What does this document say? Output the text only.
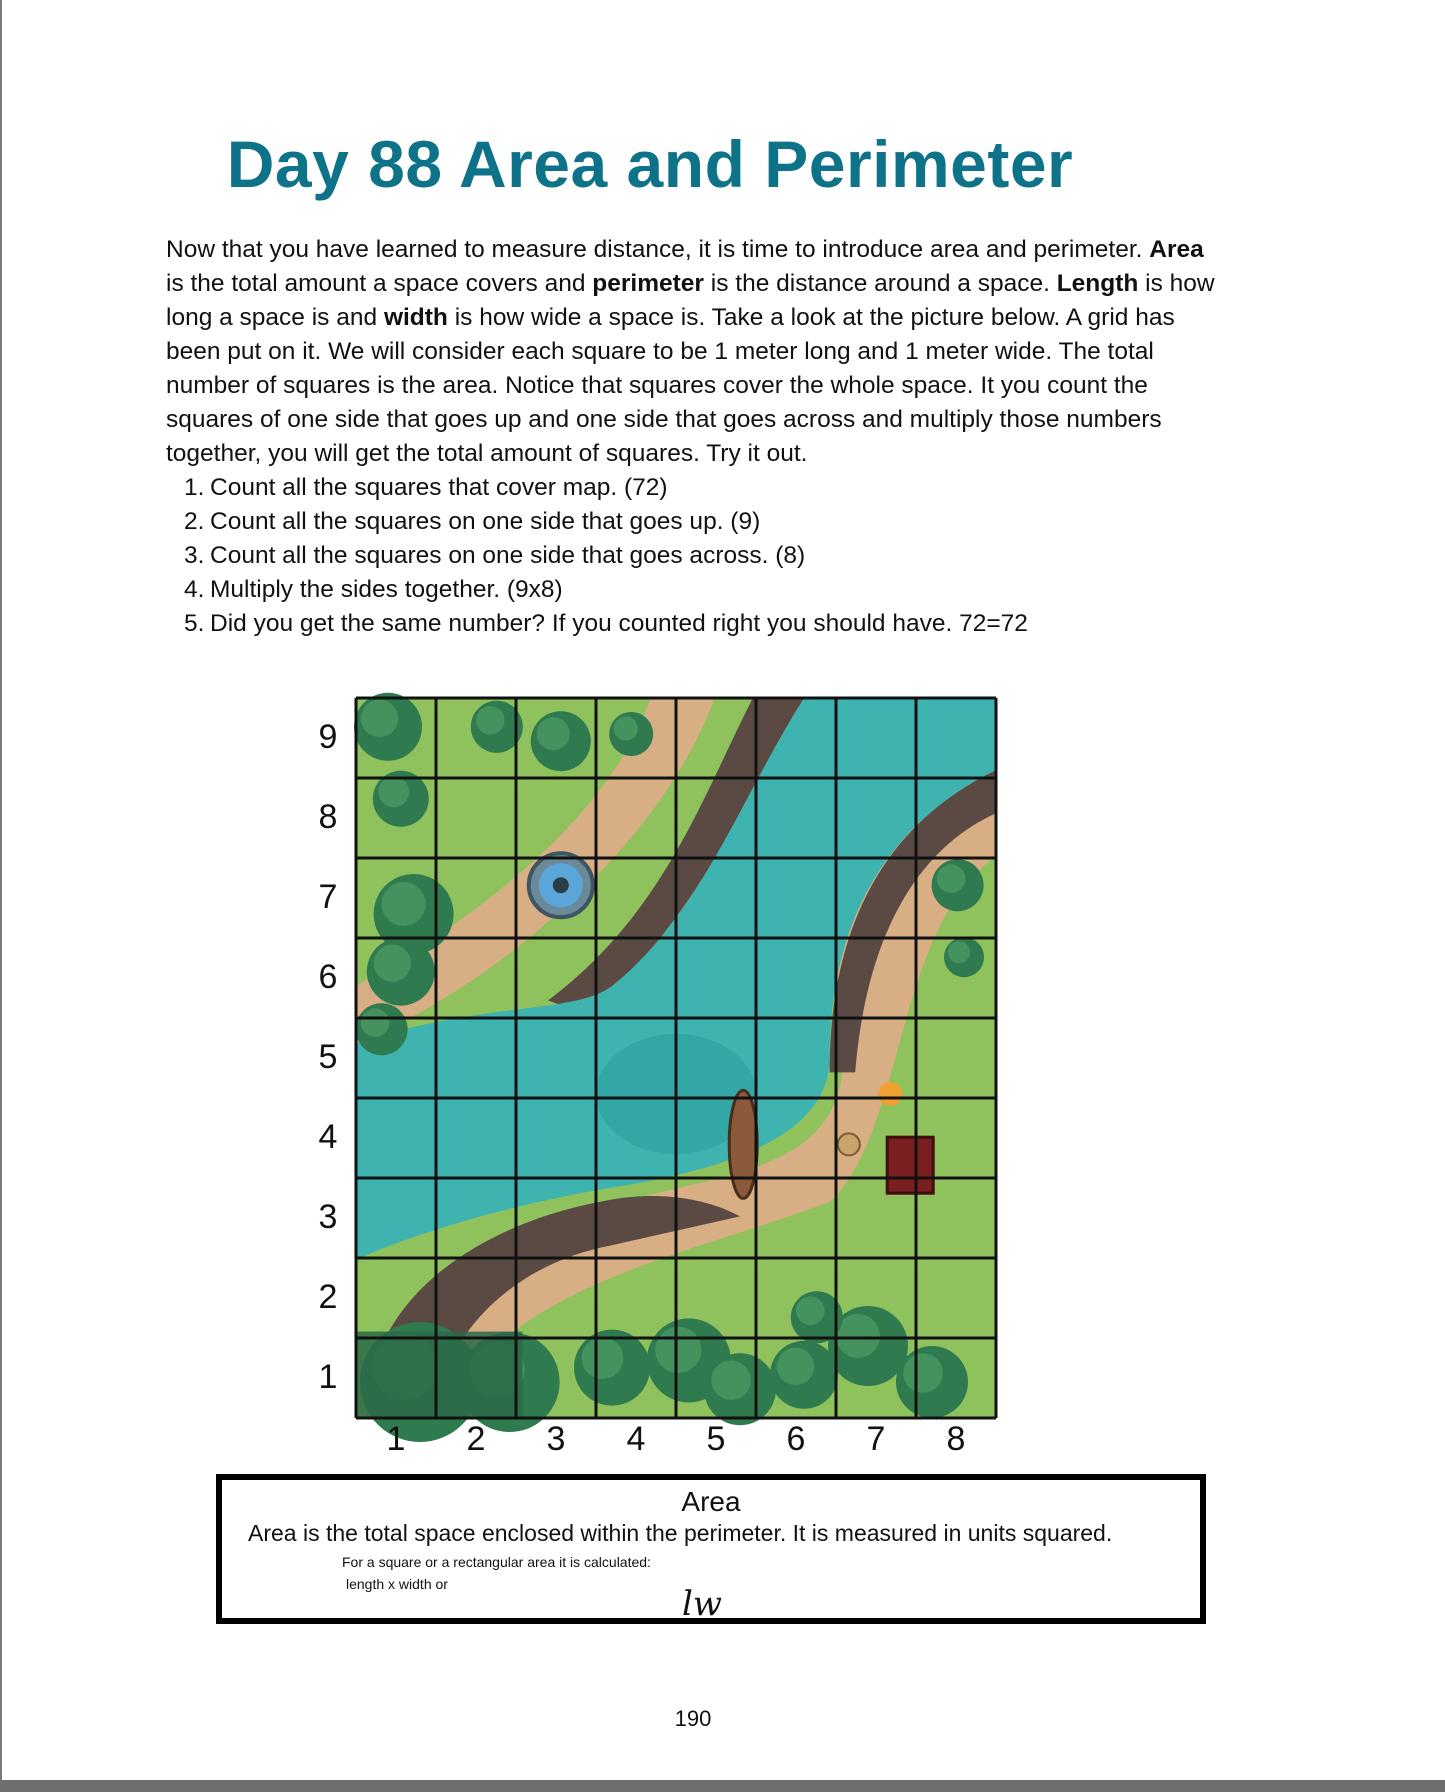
Day 88 Area and Perimeter

Now that you have learned to measure distance, it is time to introduce area and perimeter. Area is the total amount a space covers and perimeter is the distance around a space. Length is how long a space is and width is how wide a space is. Take a look at the picture below. A grid has been put on it. We will consider each square to be 1 meter long and 1 meter wide. The total number of squares is the area. Notice that squares cover the whole space. It you count the squares of one side that goes up and one side that goes across and multiply those numbers together, you will get the total amount of squares. Try it out.

1. Count all the squares that cover map. (72)
2. Count all the squares on one side that goes up. (9)
3. Count all the squares on one side that goes across. (8)
4. Multiply the sides together. (9x8)
5. Did you get the same number? If you counted right you should have. 72=72
9
8
7
6
5
4
3
2
1
1	2	3	4	5	6	7	8
Area
Area is the total space enclosed within the perimeter. It is measured in units squared.
For a square or a rectangular area it is calculated:
length x width or	lw
190
